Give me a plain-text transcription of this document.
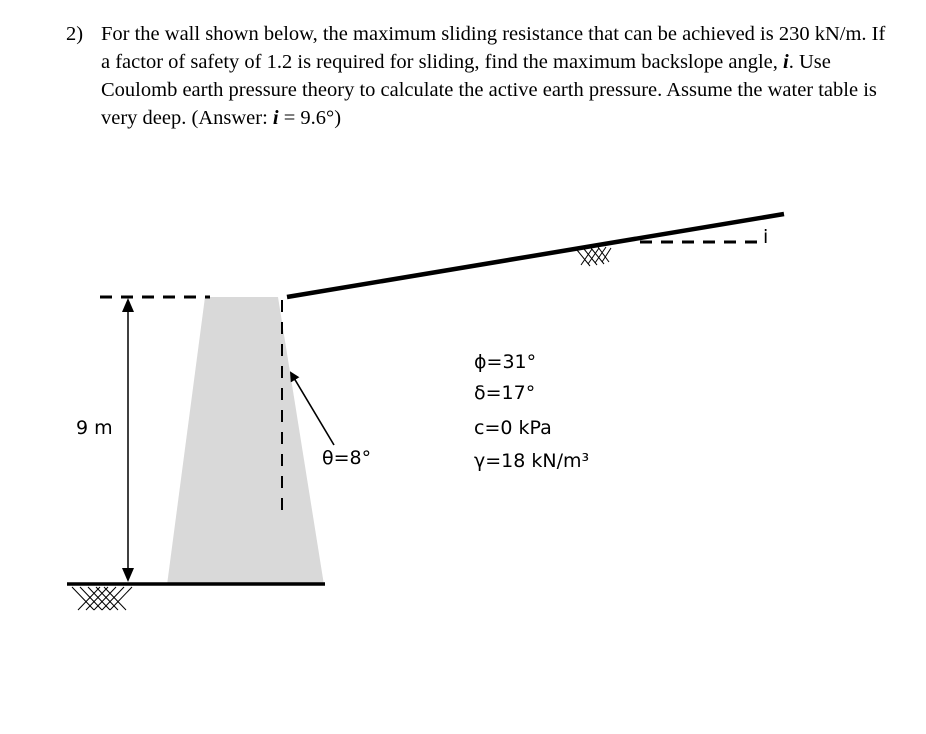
2) For the wall shown below, the maximum sliding resistance that can be achieved is 230 kN/m. If a factor of safety of 1.2 is required for sliding, find the maximum backslope angle, i. Use Coulomb earth pressure theory to calculate the active earth pressure. Assume the water table is very deep. (Answer: i = 9.6°)
9 m
θ=8°
i
ϕ=31°
δ=17°
c=0 kPa
γ=18 kN/m³
